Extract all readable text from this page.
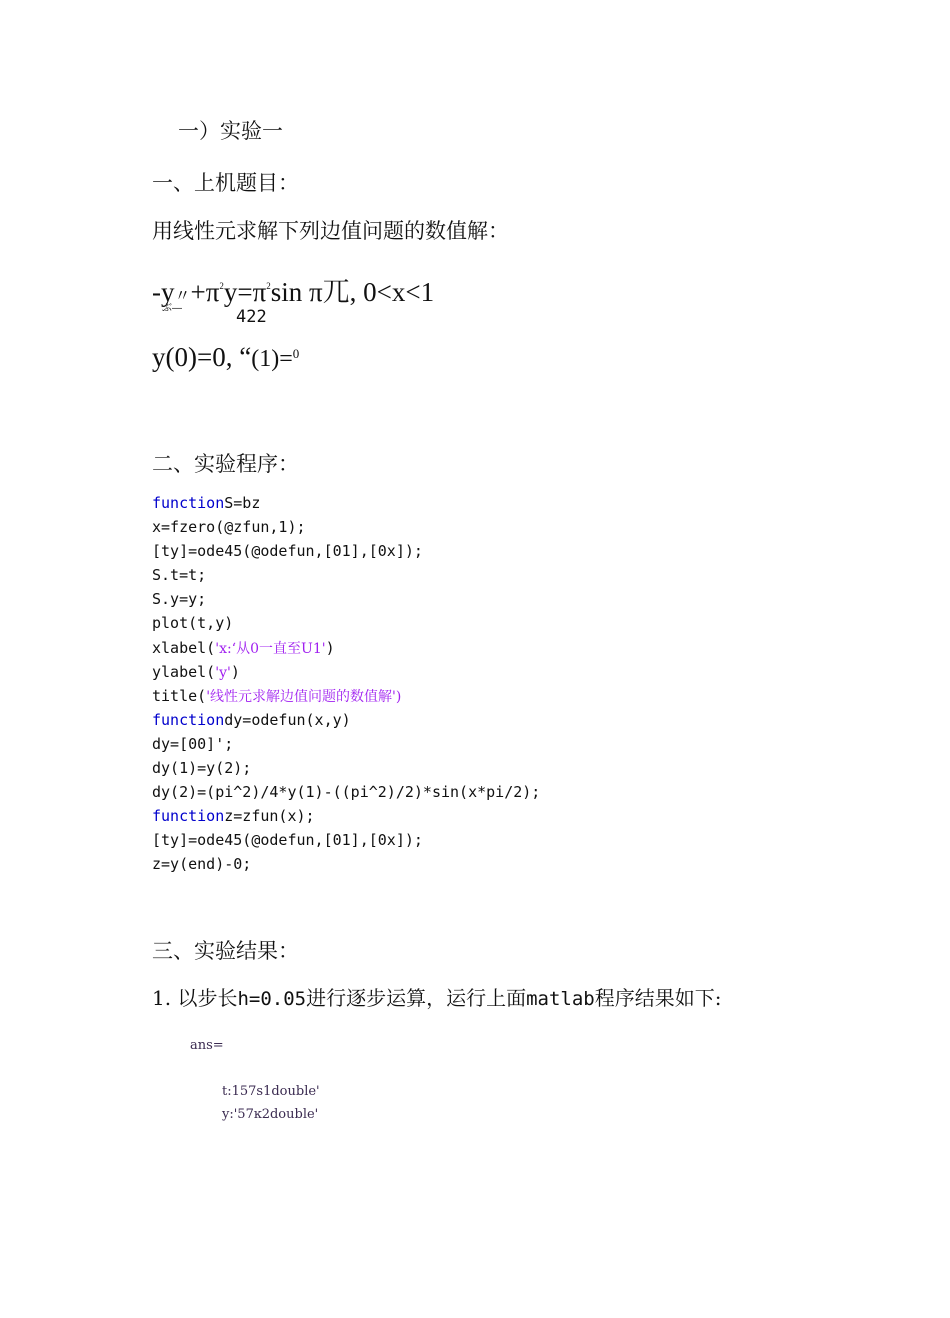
一）实验一
一、上机题目：
用线性元求解下列边值问题的数值解：
-y〃$+\pi^2y=\pi^2\sin$ π兀, 0<x<1
ぶ―	422
y(0)=0, “(1)=$^0$
二、实验程序：
functionS=bz
x=fzero(@zfun,1);
[ty]=ode45(@odefun,[01],[0x]);
S.t=t;
S.y=y;
plot(t,y)
xlabel('x:‘从0一直至U1')
ylabel('y')
title('线性元求解边值问题的数值解')
functiondy=odefun(x,y)
dy=[00]';
dy(1)=y(2);
dy(2)=(pi^2)/4*y(1)-((pi^2)/2)*sin(x*pi/2);
functionz=zfun(x);
[ty]=ode45(@odefun,[01],[0x]);
z=y(end)-0;
三、实验结果：
1. 以步长h=0.05进行逐步运算，运行上面matlab程序结果如下:
ans=
t:157s1double'
y:'57ĸ2double'
